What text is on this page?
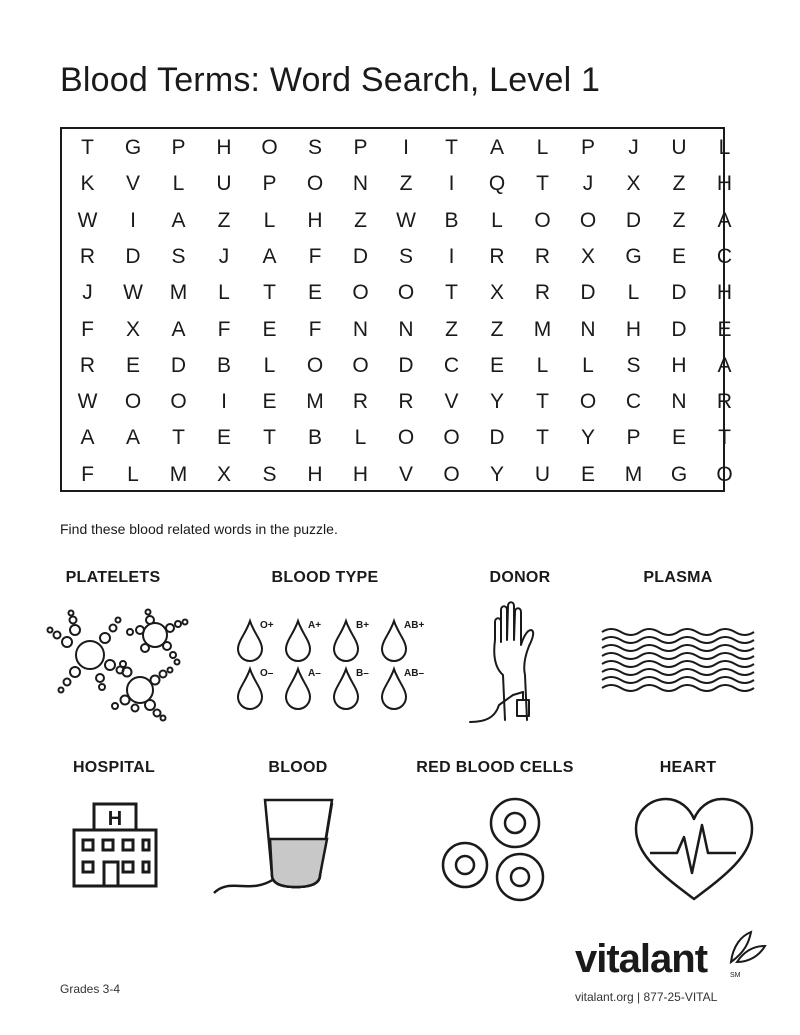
Blood Terms: Word Search, Level 1
T	G	P	H	O	S	P	I	T	A	L	P	J	U	L
K	V	L	U	P	O	N	Z	I	Q	T	J	X	Z	H
W	I	A	Z	L	H	Z	W	B	L	O	O	D	Z	A
R	D	S	J	A	F	D	S	I	R	R	X	G	E	C
J	W	M	L	T	E	O	O	T	X	R	D	L	D	H
F	X	A	F	E	F	N	N	Z	Z	M	N	H	D	E
R	E	D	B	L	O	O	D	C	E	L	L	S	H	A
W	O	O	I	E	M	R	R	V	Y	T	O	C	N	R
A	A	T	E	T	B	L	O	O	D	T	Y	P	E	T
F	L	M	X	S	H	H	V	O	Y	U	E	M	G	O
Find these blood related words in the puzzle.
PLATELETS	BLOOD TYPE	DONOR	PLASMA
HOSPITAL	BLOOD	RED BLOOD CELLS	HEART
O+	A+	B+	AB+
O–	A–	B–	AB–
H
Grades 3-4
vitalant	SM
vitalant.org | 877-25-VITAL
